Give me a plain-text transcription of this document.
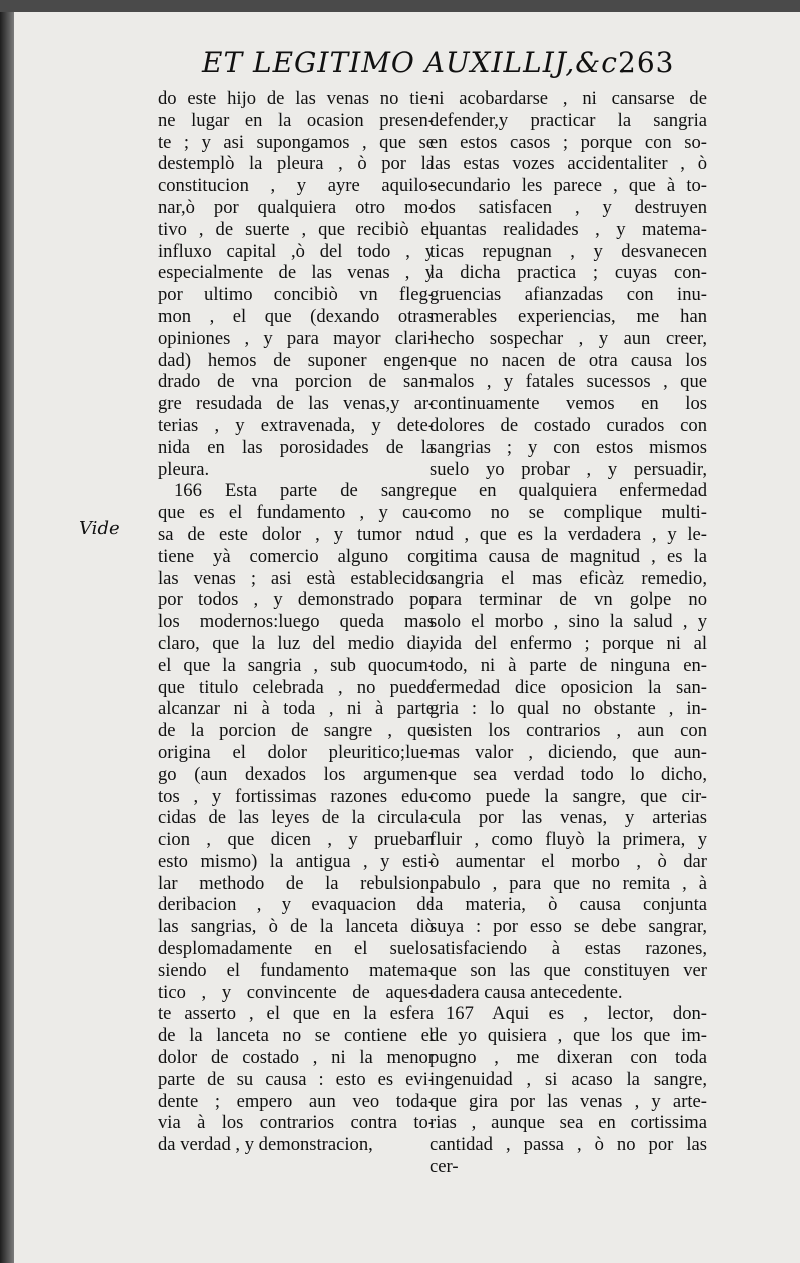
ET LEGITIMO AUXILLIJ,&c.
263
Vide
do este hijo de las venas no tie-
ne lugar en la ocasion presen-
te ; y asi supongamos , que se
destemplò la pleura , ò por la
constitucion , y ayre aquilo-
nar,ò por qualquiera otro mo-
tivo , de suerte , que recibiò el
influxo capital ,ò del todo , y
especialmente de las venas , y
por ultimo concibiò vn fleg-
mon , el que (dexando otras
opiniones , y para mayor clari-
dad) hemos de suponer engen-
drado de vna porcion de san-
gre resudada de las venas,y ar-
terias , y extravenada, y dete-
nida en las porosidades de la
pleura.
166 Esta parte de sangre,
que es el fundamento , y cau-
sa de este dolor , y tumor no
tiene yà comercio alguno con
las venas ; asi està establecido
por todos , y demonstrado por
los modernos:luego queda mas
claro, que la luz del medio dia,
el que la sangria , sub quocum-
que titulo celebrada , no puede
alcanzar ni à toda , ni à parte
de la porcion de sangre , que
origina el dolor pleuritico;lue-
go (aun dexados los argumen-
tos , y fortissimas razones edu-
cidas de las leyes de la circula-
cion , que dicen , y prueban
esto mismo) la antigua , y esti-
lar methodo de la rebulsion,
deribacion , y evaquacion de
las sangrias, ò de la lanceta diò
desplomadamente en el suelo:
siendo el fundamento matema-
tico , y convincente de aques-
te asserto , el que en la esfera
de la lanceta no se contiene el
dolor de costado , ni la menor
parte de su causa : esto es evi-
dente ; empero aun veo toda-
via à los contrarios contra to-
da verdad , y demonstracion,
ni acobardarse , ni cansarse de
defender,y practicar la sangria
en estos casos ; porque con so-
las estas vozes accidentaliter , ò
secundario les parece , que à to-
dos satisfacen , y destruyen
quantas realidades , y matema-
ticas repugnan , y desvanecen
la dicha practica ; cuyas con-
gruencias afianzadas con inu-
merables experiencias, me han
hecho sospechar , y aun creer,
que no nacen de otra causa los
malos , y fatales sucessos , que
continuamente vemos en los
dolores de costado curados con
sangrias ; y con estos mismos
suelo yo probar , y persuadir,
que en qualquiera enfermedad
como no se complique multi-
tud , que es la verdadera , y le-
gitima causa de magnitud , es la
sangria el mas eficàz remedio,
para terminar de vn golpe no
solo el morbo , sino la salud , y
vida del enfermo ; porque ni al
todo, ni à parte de ninguna en-
fermedad dice oposicion la san-
gria : lo qual no obstante , in-
sisten los contrarios , aun con
mas valor , diciendo, que aun-
que sea verdad todo lo dicho,
como puede la sangre, que cir-
cula por las venas, y arterias
fluir , como fluyò la primera, y
ò aumentar el morbo , ò dar
pabulo , para que no remita , à
la materia, ò causa conjunta
suya : por esso se debe sangrar,
satisfaciendo à estas razones,
que son las que constituyen ver
dadera causa antecedente.
167 Aqui es , lector, don-
de yo quisiera , que los que im-
pugno , me dixeran con toda
ingenuidad , si acaso la sangre,
que gira por las venas , y arte-
rias , aunque sea en cortissima
cantidad , passa , ò no por las
cer-
